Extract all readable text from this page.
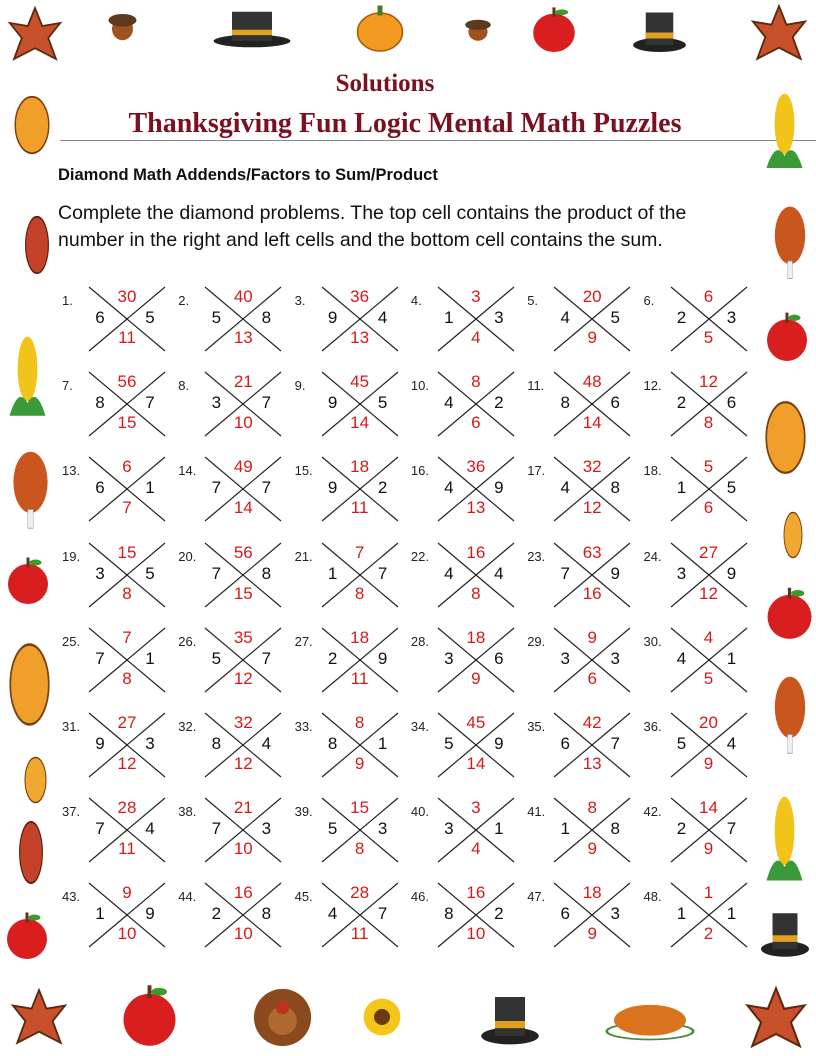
Solutions
Thanksgiving Fun Logic Mental Math Puzzles
Diamond Math Addends/Factors to Sum/Product
Complete the diamond problems. The top cell contains the product of the number in the right and left cells and the bottom cell contains the sum.
1.	30
6	5
11
2.	40
5	8
13
3.	36
9	4
13
4.	3
1	3
4
5.	20
4	5
9
6.	6
2	3
5
7.	56
8	7
15
8.	21
3	7
10
9.	45
9	5
14
10.	8
4	2
6
11.	48
8	6
14
12.	12
2	6
8
13.	6
6	1
7
14.	49
7	7
14
15.	18
9	2
11
16.	36
4	9
13
17.	32
4	8
12
18.	5
1	5
6
19.	15
3	5
8
20.	56
7	8
15
21.	7
1	7
8
22.	16
4	4
8
23.	63
7	9
16
24.	27
3	9
12
25.	7
7	1
8
26.	35
5	7
12
27.	18
2	9
11
28.	18
3	6
9
29.	9
3	3
6
30.	4
4	1
5
31.	27
9	3
12
32.	32
8	4
12
33.	8
8	1
9
34.	45
5	9
14
35.	42
6	7
13
36.	20
5	4
9
37.	28
7	4
11
38.	21
7	3
10
39.	15
5	3
8
40.	3
3	1
4
41.	8
1	8
9
42.	14
2	7
9
43.	9
1	9
10
44.	16
2	8
10
45.	28
4	7
11
46.	16
8	2
10
47.	18
6	3
9
48.	1
1	1
2
